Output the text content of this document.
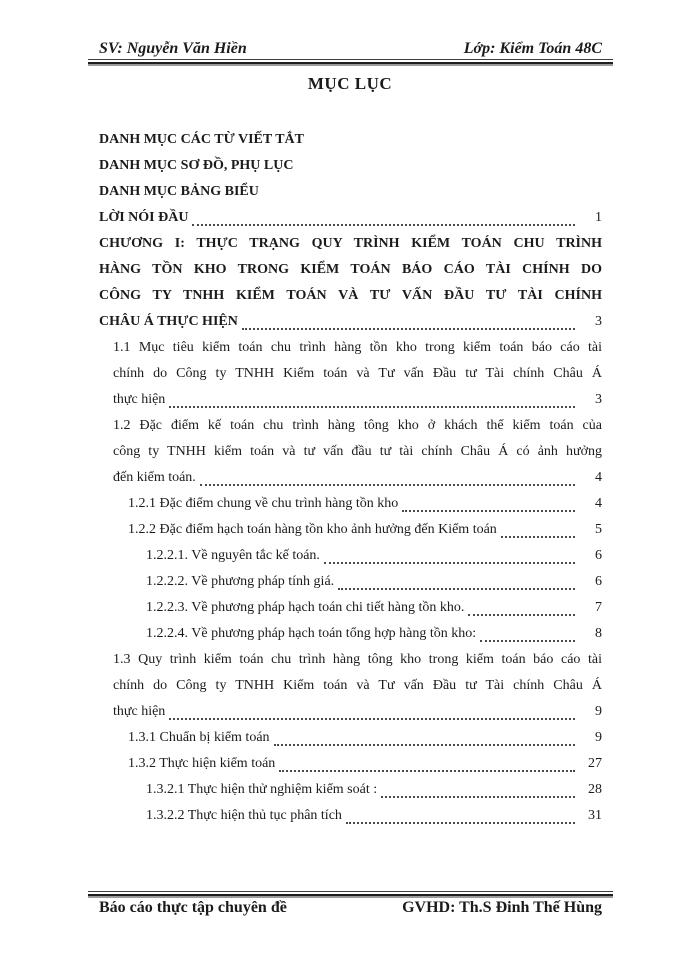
SV: Nguyễn Văn Hiền	Lớp: Kiểm Toán 48C
MỤC LỤC
DANH MỤC CÁC TỪ VIẾT TẮT
DANH MỤC SƠ ĐỒ, PHỤ LỤC
DANH MỤC BẢNG BIỂU
LỜI NÓI ĐẦU	1
CHƯƠNG I: THỰC TRẠNG QUY TRÌNH KIỂM TOÁN CHU TRÌNH
HÀNG TỒN KHO TRONG KIỂM TOÁN BÁO CÁO TÀI CHÍNH DO
CÔNG TY TNHH KIỂM TOÁN VÀ TƯ VẤN ĐẦU TƯ TÀI CHÍNH
CHÂU Á THỰC HIỆN	3
1.1 Mục tiêu kiểm toán chu trình hàng tồn kho trong kiểm toán báo cáo tài
chính do Công ty TNHH Kiểm toán và Tư vấn Đầu tư Tài chính Châu Á
thực hiện	3
1.2 Đặc điểm kế toán chu trình hàng tông kho ở khách thể kiểm toán của
công ty TNHH kiểm toán và tư vấn đầu tư tài chính Châu Á có ảnh hưởng
đến kiểm toán.	4
1.2.1 Đặc điểm chung về chu trình hàng tồn kho	4
1.2.2 Đặc điểm hạch toán hàng tồn kho ảnh hưởng đến Kiểm toán	5
1.2.2.1. Về nguyên tắc kế toán.	6
1.2.2.2. Về phương pháp tính giá.	6
1.2.2.3. Về phương pháp hạch toán chi tiết hàng tồn kho.	7
1.2.2.4. Về phương pháp hạch toán tổng hợp hàng tồn kho:	8
1.3 Quy trình kiểm toán chu trình hàng tông kho trong kiểm toán báo cáo tài
chính do Công ty TNHH Kiểm toán và Tư vấn Đầu tư Tài chính Châu Á
thực hiện	9
1.3.1 Chuẩn bị kiểm toán	9
1.3.2 Thực hiện kiểm toán	27
1.3.2.1 Thực hiện thử nghiệm kiểm soát :	28
1.3.2.2 Thực hiện thủ tục phân tích	31
Báo cáo thực tập chuyên đề	GVHD: Th.S Đinh Thế Hùng
